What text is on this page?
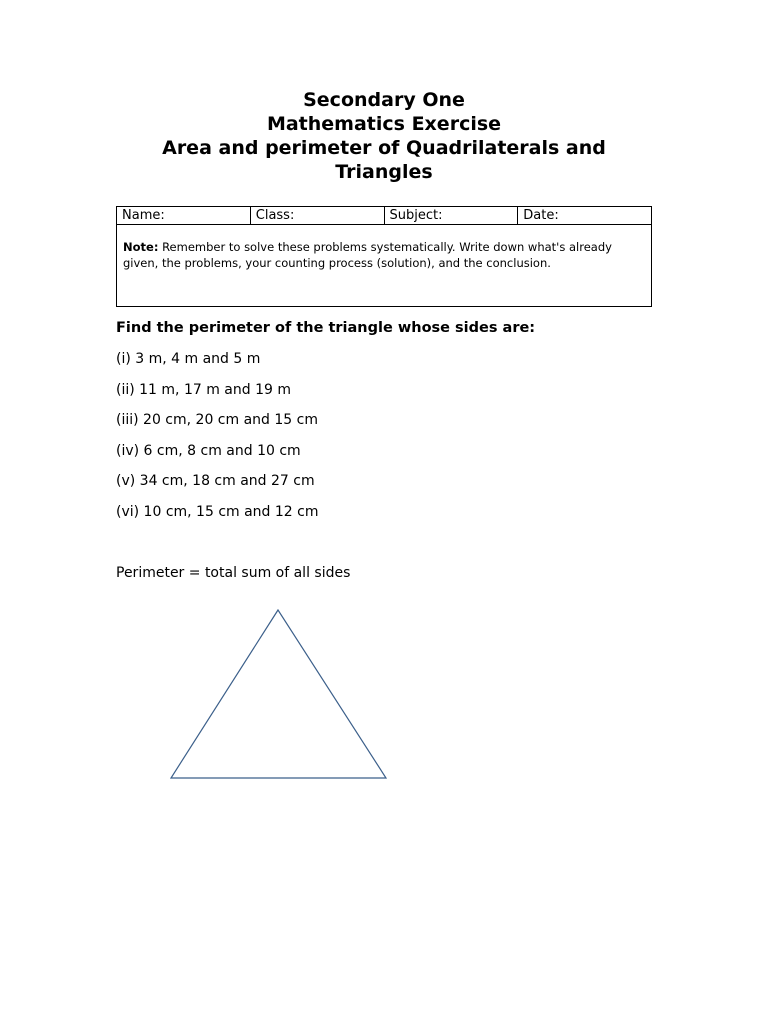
Secondary One
Mathematics Exercise
Area and perimeter of Quadrilaterals and
Triangles
Name:	Class:	Subject:	Date:
Note: Remember to solve these problems systematically. Write down what's already given, the problems, your counting process (solution), and the conclusion.
Find the perimeter of the triangle whose sides are:
(i) 3 m, 4 m and 5 m
(ii) 11 m, 17 m and 19 m
(iii) 20 cm, 20 cm and 15 cm
(iv) 6 cm, 8 cm and 10 cm
(v) 34 cm, 18 cm and 27 cm
(vi) 10 cm, 15 cm and 12 cm
Perimeter = total sum of all sides
